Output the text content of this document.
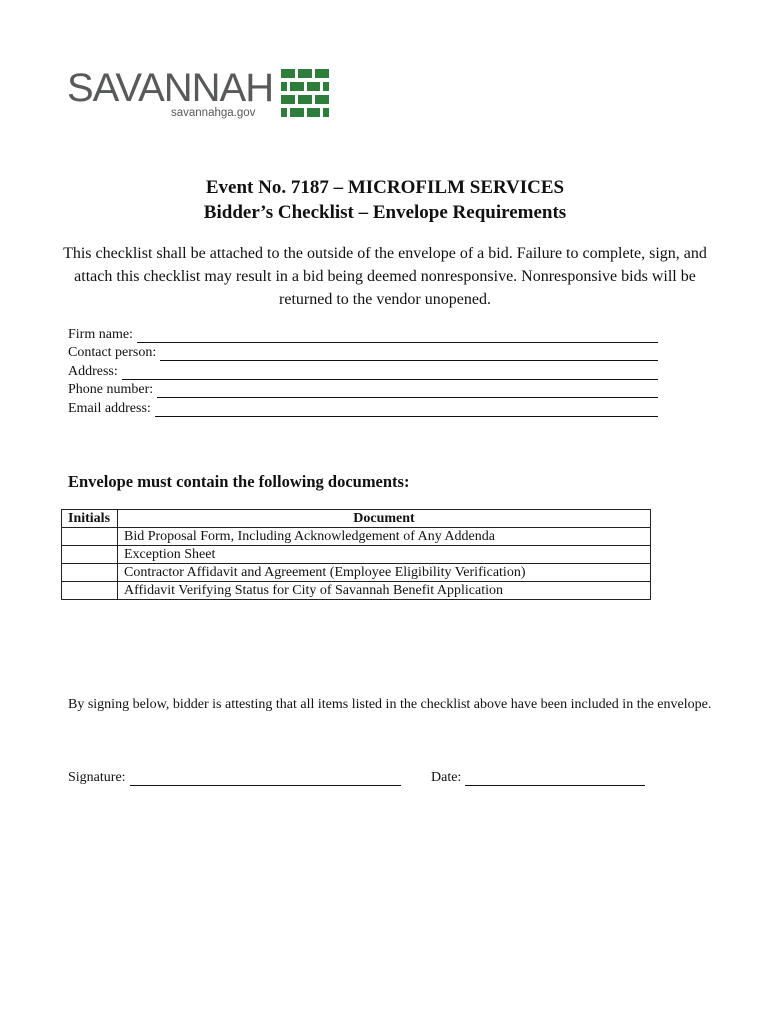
SAVANNAH
savannahga.gov
Event No. 7187 – MICROFILM SERVICES
Bidder’s Checklist – Envelope Requirements

This checklist shall be attached to the outside of the envelope of a bid. Failure to complete, sign, and attach this checklist may result in a bid being deemed nonresponsive. Nonresponsive bids will be returned to the vendor unopened.

Firm name:
Contact person:
Address:
Phone number:
Email address:
Envelope must contain the following documents:
Initials	Document
	Bid Proposal Form, Including Acknowledgement of Any Addenda
	Exception Sheet
	Contractor Affidavit and Agreement (Employee Eligibility Verification)
	Affidavit Verifying Status for City of Savannah Benefit Application

By signing below, bidder is attesting that all items listed in the checklist above have been included in the envelope.

Signature:	Date:
